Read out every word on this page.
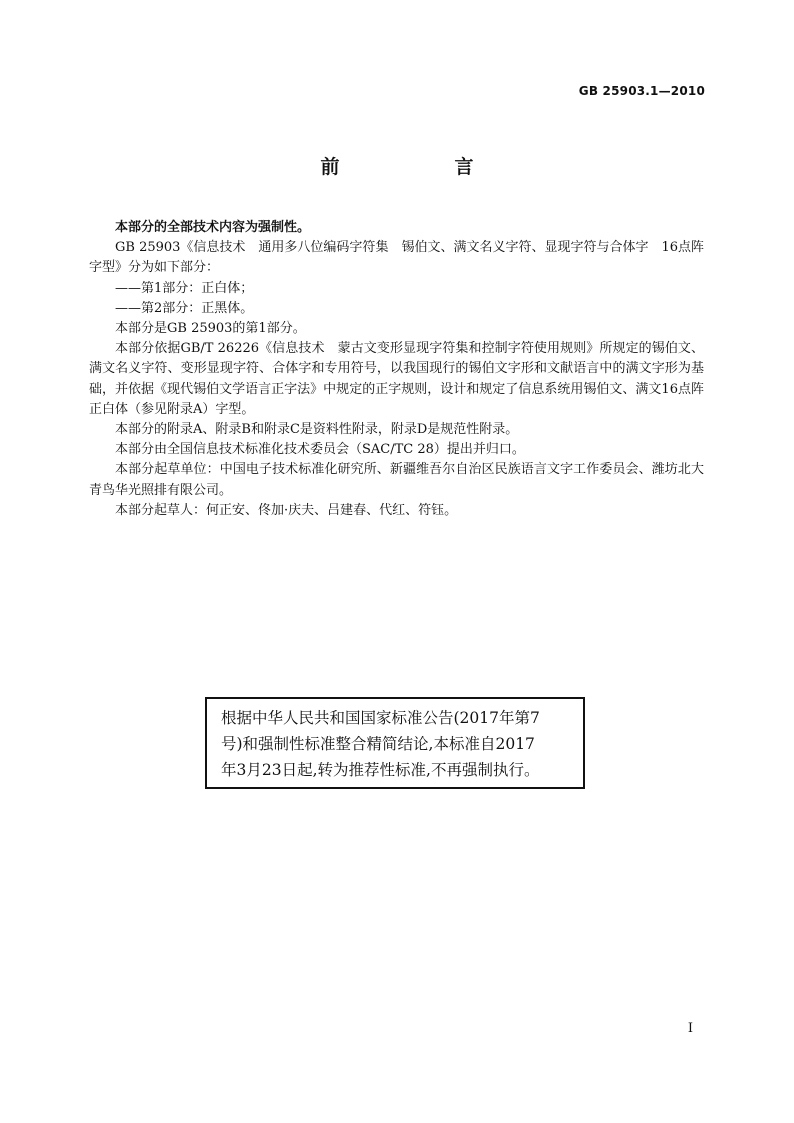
GB 25903.1—2010
前　言

本部分的全部技术内容为强制性。

GB 25903《信息技术　通用多八位编码字符集　锡伯文、满文名义字符、显现字符与合体字　16点阵字型》分为如下部分：

——第1部分：正白体；

——第2部分：正黑体。

本部分是GB 25903的第1部分。

本部分依据GB/T 26226《信息技术　蒙古文变形显现字符集和控制字符使用规则》所规定的锡伯文、满文名义字符、变形显现字符、合体字和专用符号，以我国现行的锡伯文字形和文献语言中的满文字形为基础，并依据《现代锡伯文学语言正字法》中规定的正字规则，设计和规定了信息系统用锡伯文、满文16点阵正白体（参见附录A）字型。

本部分的附录A、附录B和附录C是资料性附录，附录D是规范性附录。

本部分由全国信息技术标准化技术委员会（SAC/TC 28）提出并归口。

本部分起草单位：中国电子技术标准化研究所、新疆维吾尔自治区民族语言文字工作委员会、潍坊北大青鸟华光照排有限公司。

本部分起草人：何正安、佟加·庆夫、吕建春、代红、符钰。

根据中华人民共和国国家标准公告(2017年第7
号)和强制性标准整合精简结论,本标准自2017
年3月23日起,转为推荐性标准,不再强制执行。
I
